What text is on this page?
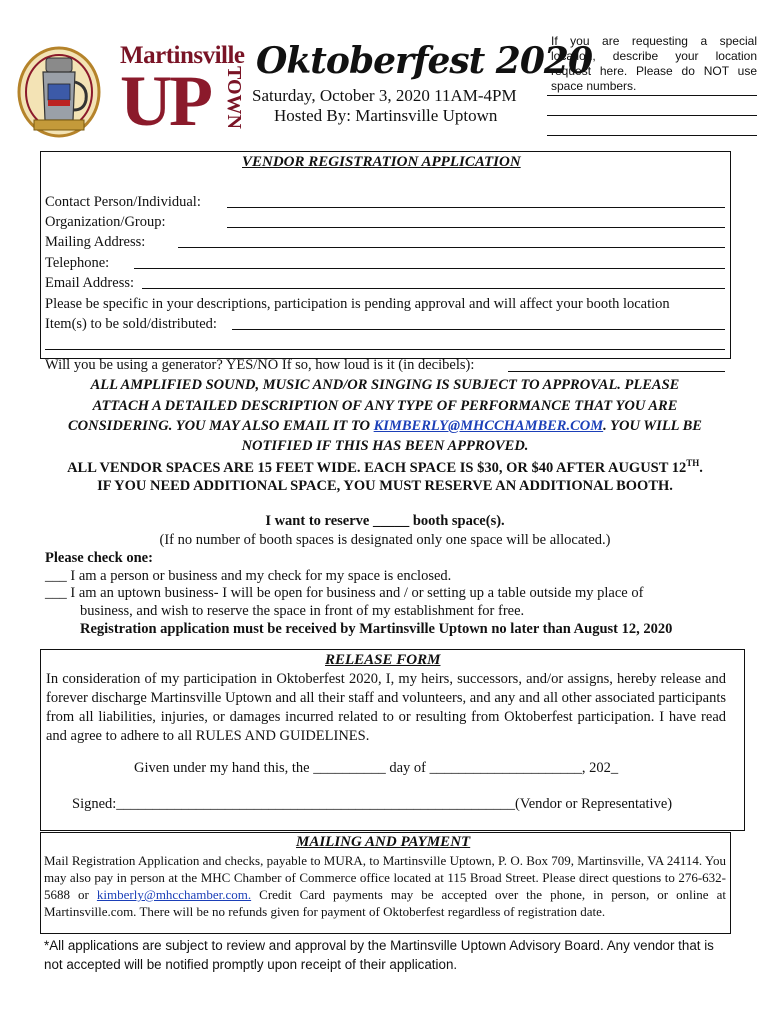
Martinsville
UP TOWN
Oktoberfest 2020
Saturday, October 3, 2020 11AM-4PM
Hosted By: Martinsville Uptown
If you are requesting a special location, describe your location request here. Please do NOT use space numbers.
VENDOR REGISTRATION APPLICATION
Contact Person/Individual:
Organization/Group:
Mailing Address:
Telephone:
Email Address:
Please be specific in your descriptions, participation is pending approval and will affect your booth location
Item(s) to be sold/distributed:
Will you be using a generator? YES/NO If so, how loud is it (in decibels):
ALL AMPLIFIED SOUND, MUSIC AND/OR SINGING IS SUBJECT TO APPROVAL. PLEASE
ATTACH A DETAILED DESCRIPTION OF ANY TYPE OF PERFORMANCE THAT YOU ARE
CONSIDERING. YOU MAY ALSO EMAIL IT TO KIMBERLY@MHCCHAMBER.COM. YOU WILL BE
NOTIFIED IF THIS HAS BEEN APPROVED.
ALL VENDOR SPACES ARE 15 FEET WIDE. EACH SPACE IS $30, OR $40 AFTER AUGUST 12TH.
IF YOU NEED ADDITIONAL SPACE, YOU MUST RESERVE AN ADDITIONAL BOOTH.
I want to reserve _____ booth space(s).
(If no number of booth spaces is designated only one space will be allocated.)
Please check one:
___ I am a person or business and my check for my space is enclosed.
___ I am an uptown business- I will be open for business and / or setting up a table outside my place of
business, and wish to reserve the space in front of my establishment for free.
Registration application must be received by Martinsville Uptown no later than August 12, 2020
RELEASE FORM
In consideration of my participation in Oktoberfest 2020, I, my heirs, successors, and/or assigns, hereby release and forever discharge Martinsville Uptown and all their staff and volunteers, and any and all other associated participants from all liabilities, injuries, or damages incurred related to or resulting from Oktoberfest participation. I have read and agree to adhere to all RULES AND GUIDELINES.
Given under my hand this, the __________ day of _____________________, 202_
Signed:_______________________________________________________(Vendor or Representative)
MAILING AND PAYMENT
Mail Registration Application and checks, payable to MURA, to Martinsville Uptown, P. O. Box 709, Martinsville, VA 24114. You may also pay in person at the MHC Chamber of Commerce office located at 115 Broad Street. Please direct questions to 276-632-5688 or kimberly@mhcchamber.com. Credit Card payments may be accepted over the phone, in person, or online at Martinsville.com. There will be no refunds given for payment of Oktoberfest regardless of registration date.
*All applications are subject to review and approval by the Martinsville Uptown Advisory Board. Any vendor that is not accepted will be notified promptly upon receipt of their application.
